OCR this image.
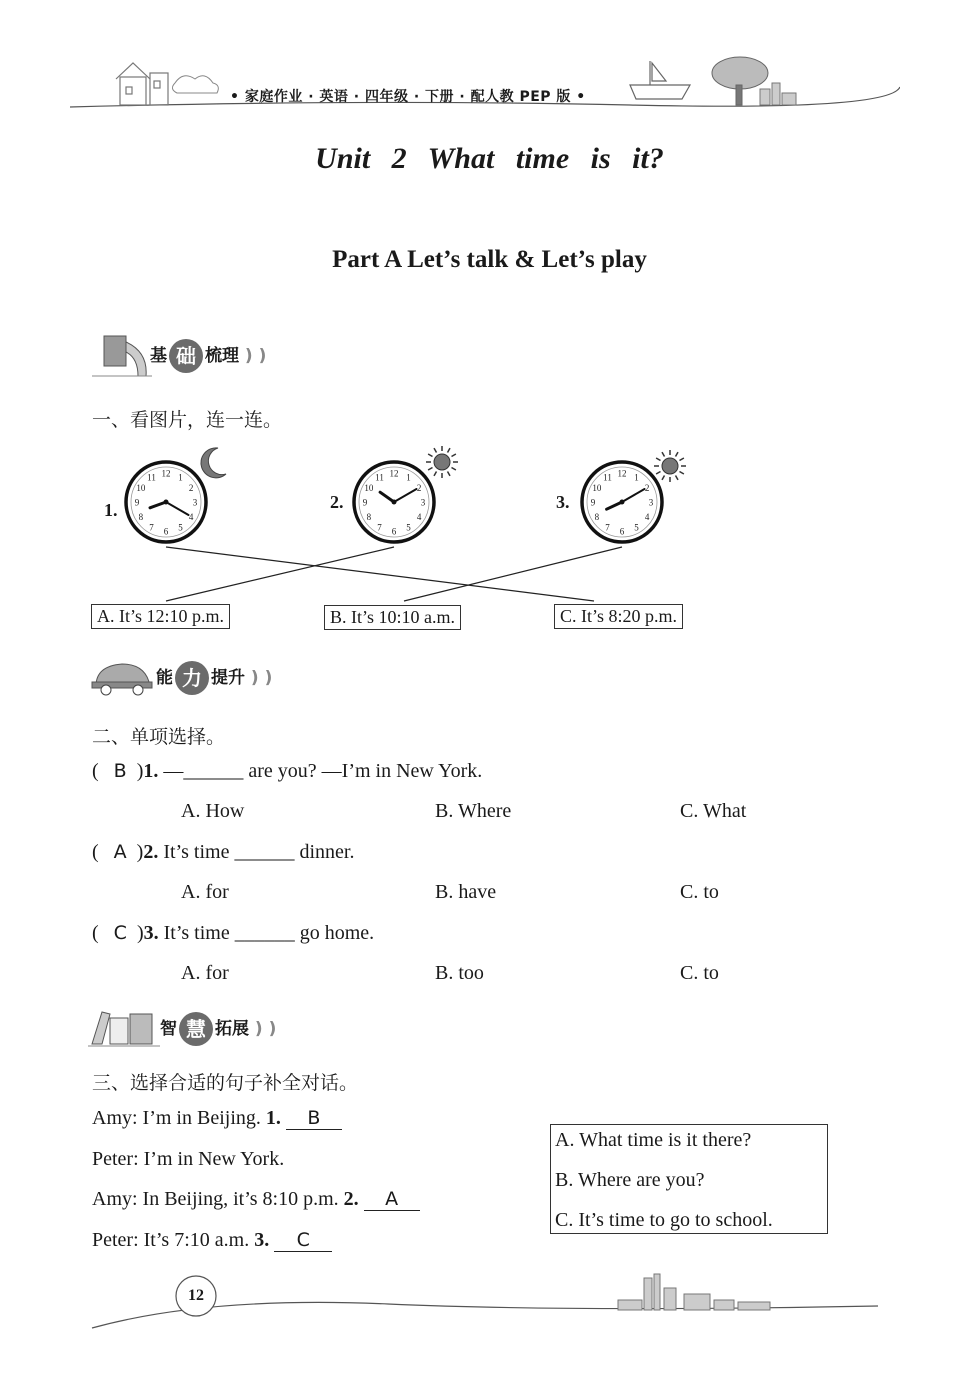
• 家庭作业 · 英语 · 四年级 · 下册 · 配人教 PEP 版 •
Unit 2 What time is it?
Part A Let’s talk & Let’s play
基 础 梳理 ) )
一、看图片，连一连。
1.	2.	3.
12 1
2
3
4
5
6
7
8
9
10
11	12 1
2
3
4
5
6
7
8
9
10
11	12 1
2
3
4
5
6
7
8
9
10
11
A. It’s 12:10 p.m.	B. It’s 10:10 a.m.	C. It’s 8:20 p.m.
能 力 提升 ) )
二、单项选择。
( B )1. —______ are you? —I’m in New York.
A. How	B. Where	C. What
( A )2. It’s time ______ dinner.
A. for	B. have	C. to
( C )3. It’s time ______ go home.
A. for	B. too	C. to
智 慧 拓展 ) )
三、选择合适的句子补全对话。
Amy: I’m in Beijing. 1. B
Peter: I’m in New York.
Amy: In Beijing, it’s 8:10 p.m. 2. A
Peter: It’s 7:10 a.m. 3. C
A. What time is it there?
B. Where are you?
C. It’s time to go to school.
12
